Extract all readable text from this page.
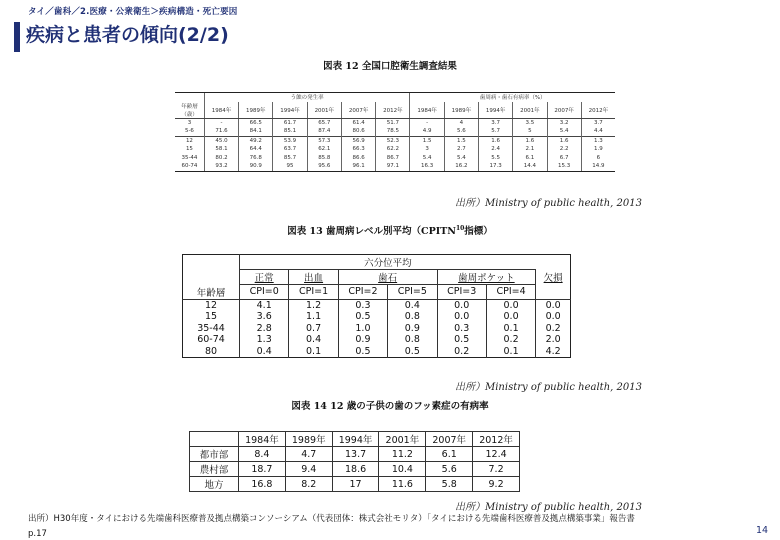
タイ／歯科／2.医療・公衆衛生＞疾病構造・死亡要因
疾病と患者の傾向(2/2)
図表 12 全国口腔衛生調査結果
	う蝕の発生率						歯周病・歯石有病率（%）					
年齢層
（歳）	1984年	1989年	1994年	2001年	2007年	2012年	1984年	1989年	1994年	2001年	2007年	2012年
3	-	66.5	61.7	65.7	61.4	51.7	-	4	3.7	3.5	3.2	3.7
5-6	71.6	84.1	85.1	87.4	80.6	78.5	4.9	5.6	5.7	5	5.4	4.4
12	45.0	49.2	53.9	57.3	56.9	52.3	1.5	1.5	1.6	1.6	1.6	1.3
15	58.1	64.4	63.7	62.1	66.3	62.2	3	2.7	2.4	2.1	2.2	1.9
35-44	80.2	76.8	85.7	85.8	86.6	86.7	5.4	5.4	5.5	6.1	6.7	6
60-74	93.2	90.9	95	95.6	96.1	97.1	16.3	16.2	17.3	14.4	15.3	14.9
出所）Ministry of public health, 2013
図表 13 歯周病レベル別平均（CPITN$^{10}$指標）
	六分位平均						
	正常	出血	歯石		歯周ポケット		欠損
年齢層	CPI=0	CPI=1	CPI=2	CPI=5	CPI=3	CPI=4	
12	4.1	1.2	0.3	0.4	0.0	0.0	0.0
15	3.6	1.1	0.5	0.8	0.0	0.0	0.0
35-44	2.8	0.7	1.0	0.9	0.3	0.1	0.2
60-74	1.3	0.4	0.9	0.8	0.5	0.2	2.0
80	0.4	0.1	0.5	0.5	0.2	0.1	4.2
出所）Ministry of public health, 2013
図表 14 12 歳の子供の歯のフッ素症の有病率
	1984年	1989年	1994年	2001年	2007年	2012年
都市部	8.4	4.7	13.7	11.2	6.1	12.4
農村部	18.7	9.4	18.6	10.4	5.6	7.2
地方	16.8	8.2	17	11.6	5.8	9.2
出所）Ministry of public health, 2013
出所）H30年度・タイにおける先端歯科医療普及拠点構築コンソーシアム（代表団体：株式会社モリタ）「タイにおける先端歯科医療普及拠点構築事業」報告書
p.17	14
